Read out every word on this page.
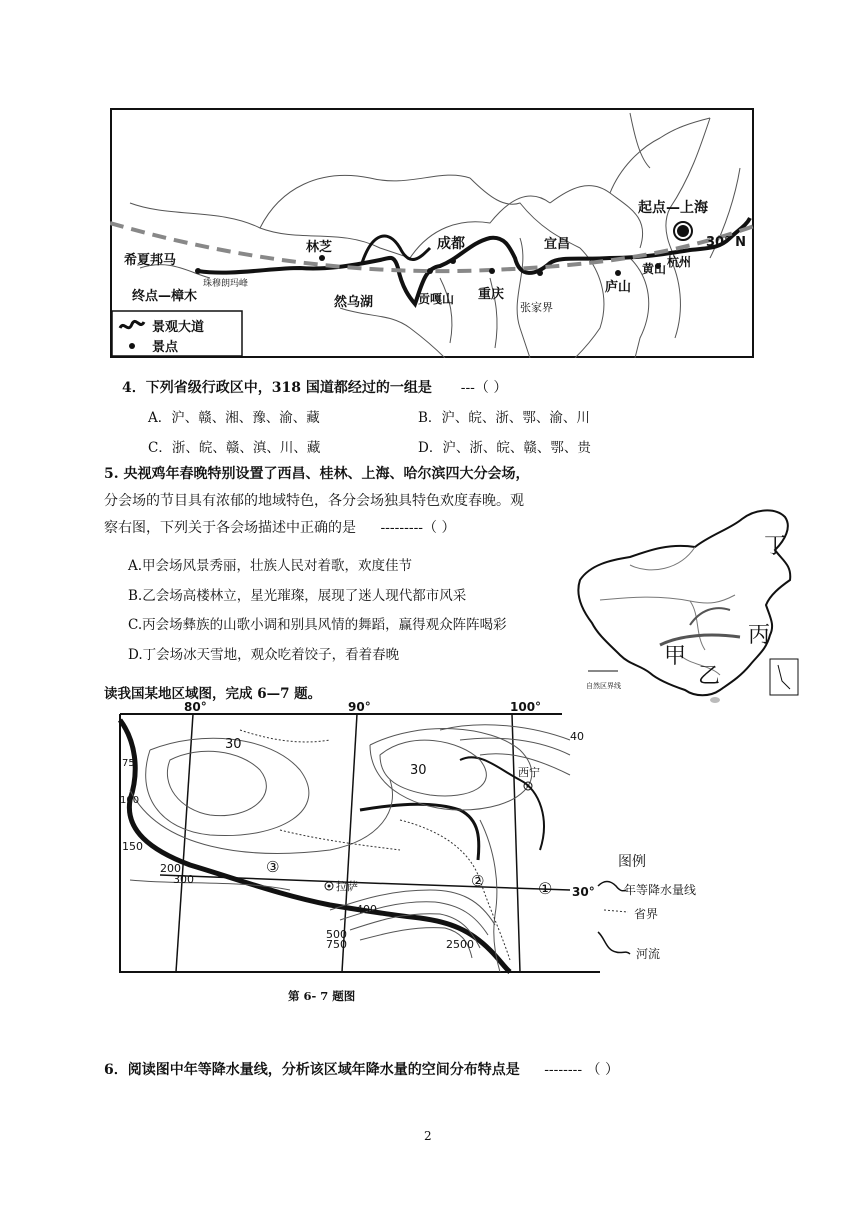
起点—上海
30° N
希夏邦马
珠穆朗玛峰
终点—樟木
林芝	成都	宜昌
然乌湖	贡嘎山 重庆
张家界
庐山
黄山 杭州
景观大道
景点
4．下列省级行政区中，318 国道都经过的一组是 ---（ ）
A．沪、赣、湘、豫、渝、藏	B．沪、皖、浙、鄂、渝、川
C．浙、皖、赣、滇、川、藏	D．沪、浙、皖、赣、鄂、贵
5. 央视鸡年春晚特别设置了西昌、桂林、上海、哈尔滨四大分会场，
分会场的节目具有浓郁的地域特色，各分会场独具特色欢度春晚。观
察右图，下列关于各会场描述中正确的是 ---------（ ）
A.甲会场风景秀丽，壮族人民对着歌，欢度佳节
B.乙会场高楼林立，星光璀璨，展现了迷人现代都市风采
C.丙会场彝族的山歌小调和别具风情的舞蹈，赢得观众阵阵喝彩
D.丁会场冰天雪地，观众吃着饺子，看着春晚
自然区界线
丁
丙
甲
乙
读我国某地区域图，完成 6—7 题。
80°	90°	100°
30°
30
30
40
75
100
150
200
300
400
500
750	2500
西宁
拉萨
③
②	①
图例
年等降水量线
省界
河流
第 6- 7 题图
6．阅读图中年等降水量线，分析该区域年降水量的空间分布特点是 -------- （ ）
2
